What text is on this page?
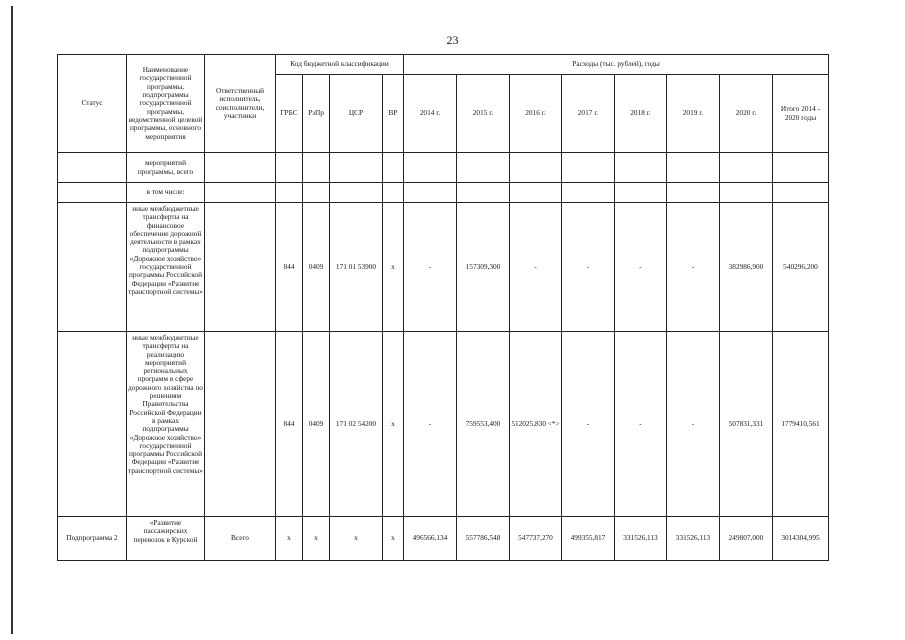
23
Статус	Наименование государственной программы, подпрограммы государственной программы, ведомственной целевой программы, основного мероприятия	Ответственный исполнитель, соисполнители, участники	Код бюджетной классификации				Расходы (тыс. рублей), годы							
			ГРБС	РзПр	ЦСР	ВР	2014 г.	2015 г.	2016 г.	2017 г.	2018 г.	2019 г.	2020 г.	Итого 2014 - 2020 годы
	мероприятий программы, всего													
	в том числе:													
	иные межбюджетные трансферты на финансовое обеспечение дорожной деятельности в рамках подпрограммы «Дорожное хозяйство» государственной программы Российской Федерации «Развитие транспортной системы»		844	0409	171 01 53900	х	-	157309,300	-	-	-	-	382986,900	540296,200
	иные межбюджетные трансферты на реализацию мероприятий региональных программ в сфере дорожного хозяйства по решениям Правительства Российской Федерации в рамках подпрограммы «Дорожное хозяйство» государственной программы Российской Федерации «Развитие транспортной системы»		844	0409	171 02 54200	х	-	759553,400	512025,830 <*>	-	-	-	507831,331	1779410,561
Подпрограмма 2	«Развитие пассажирских перевозок в Курской	Всего	х	х	х	х	496566,134	557786,548	547737,270	499355,817	331526,113	331526,113	249807,000	3014304,995
